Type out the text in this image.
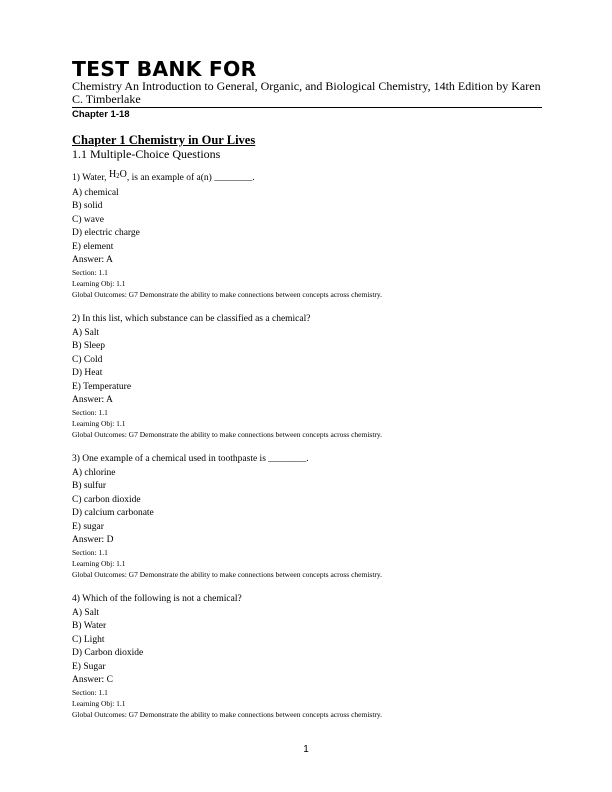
TEST BANK FOR

Chemistry An Introduction to General, Organic, and Biological Chemistry, 14th Edition by Karen C. Timberlake

Chapter 1-18
Chapter 1 Chemistry in Our Lives
1.1 Multiple-Choice Questions
1) Water, $H_2O$, is an example of a(n) ________.
A) chemical
B) solid
C) wave
D) electric charge
E) element
Answer: A
Section: 1.1
Learning Obj: 1.1
Global Outcomes: G7 Demonstrate the ability to make connections between concepts across chemistry.
2) In this list, which substance can be classified as a chemical?
A) Salt
B) Sleep
C) Cold
D) Heat
E) Temperature
Answer: A
Section: 1.1
Learning Obj: 1.1
Global Outcomes: G7 Demonstrate the ability to make connections between concepts across chemistry.
3) One example of a chemical used in toothpaste is ________.
A) chlorine
B) sulfur
C) carbon dioxide
D) calcium carbonate
E) sugar
Answer: D
Section: 1.1
Learning Obj: 1.1
Global Outcomes: G7 Demonstrate the ability to make connections between concepts across chemistry.
4) Which of the following is not a chemical?
A) Salt
B) Water
C) Light
D) Carbon dioxide
E) Sugar
Answer: C
Section: 1.1
Learning Obj: 1.1
Global Outcomes: G7 Demonstrate the ability to make connections between concepts across chemistry.
1
